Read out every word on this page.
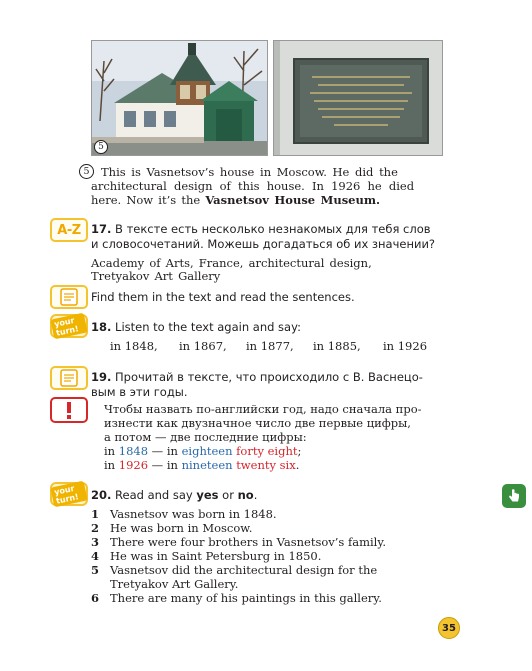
5
5 This is Vasnetsov’s house in Moscow. He did the
architectural design of this house. In 1926 he died
here. Now it’s the Vasnetsov House Museum.
A-Z 17. В тексте есть несколько незнакомых для тебя слов
и словосочетаний. Можешь догадаться об их значении?
Academy of Arts, France, architectural design,
Tretyakov Art Gallery
Find them in the text and read the sentences.
your turn!	18. Listen to the text again and say:
in 1848, in 1867, in 1877, in 1885, in 1926
19. Прочитай в тексте, что происходило с В. Васнецо-
вым в эти годы.
Чтобы назвать по-английски год, надо сначала про-
изнести как двузначное число две первые цифры,
а потом — две последние цифры:
in 1848 — in eighteen forty eight;
in 1926 — in nineteen twenty six.
your turn!	20. Read and say yes or no.
1 Vasnetsov was born in 1848.
2 He was born in Moscow.
3 There were four brothers in Vasnetsov’s family.
4 He was in Saint Petersburg in 1850.
5 Vasnetsov did the architectural design for the
Tretyakov Art Gallery.
6 There are many of his paintings in this gallery.
35
